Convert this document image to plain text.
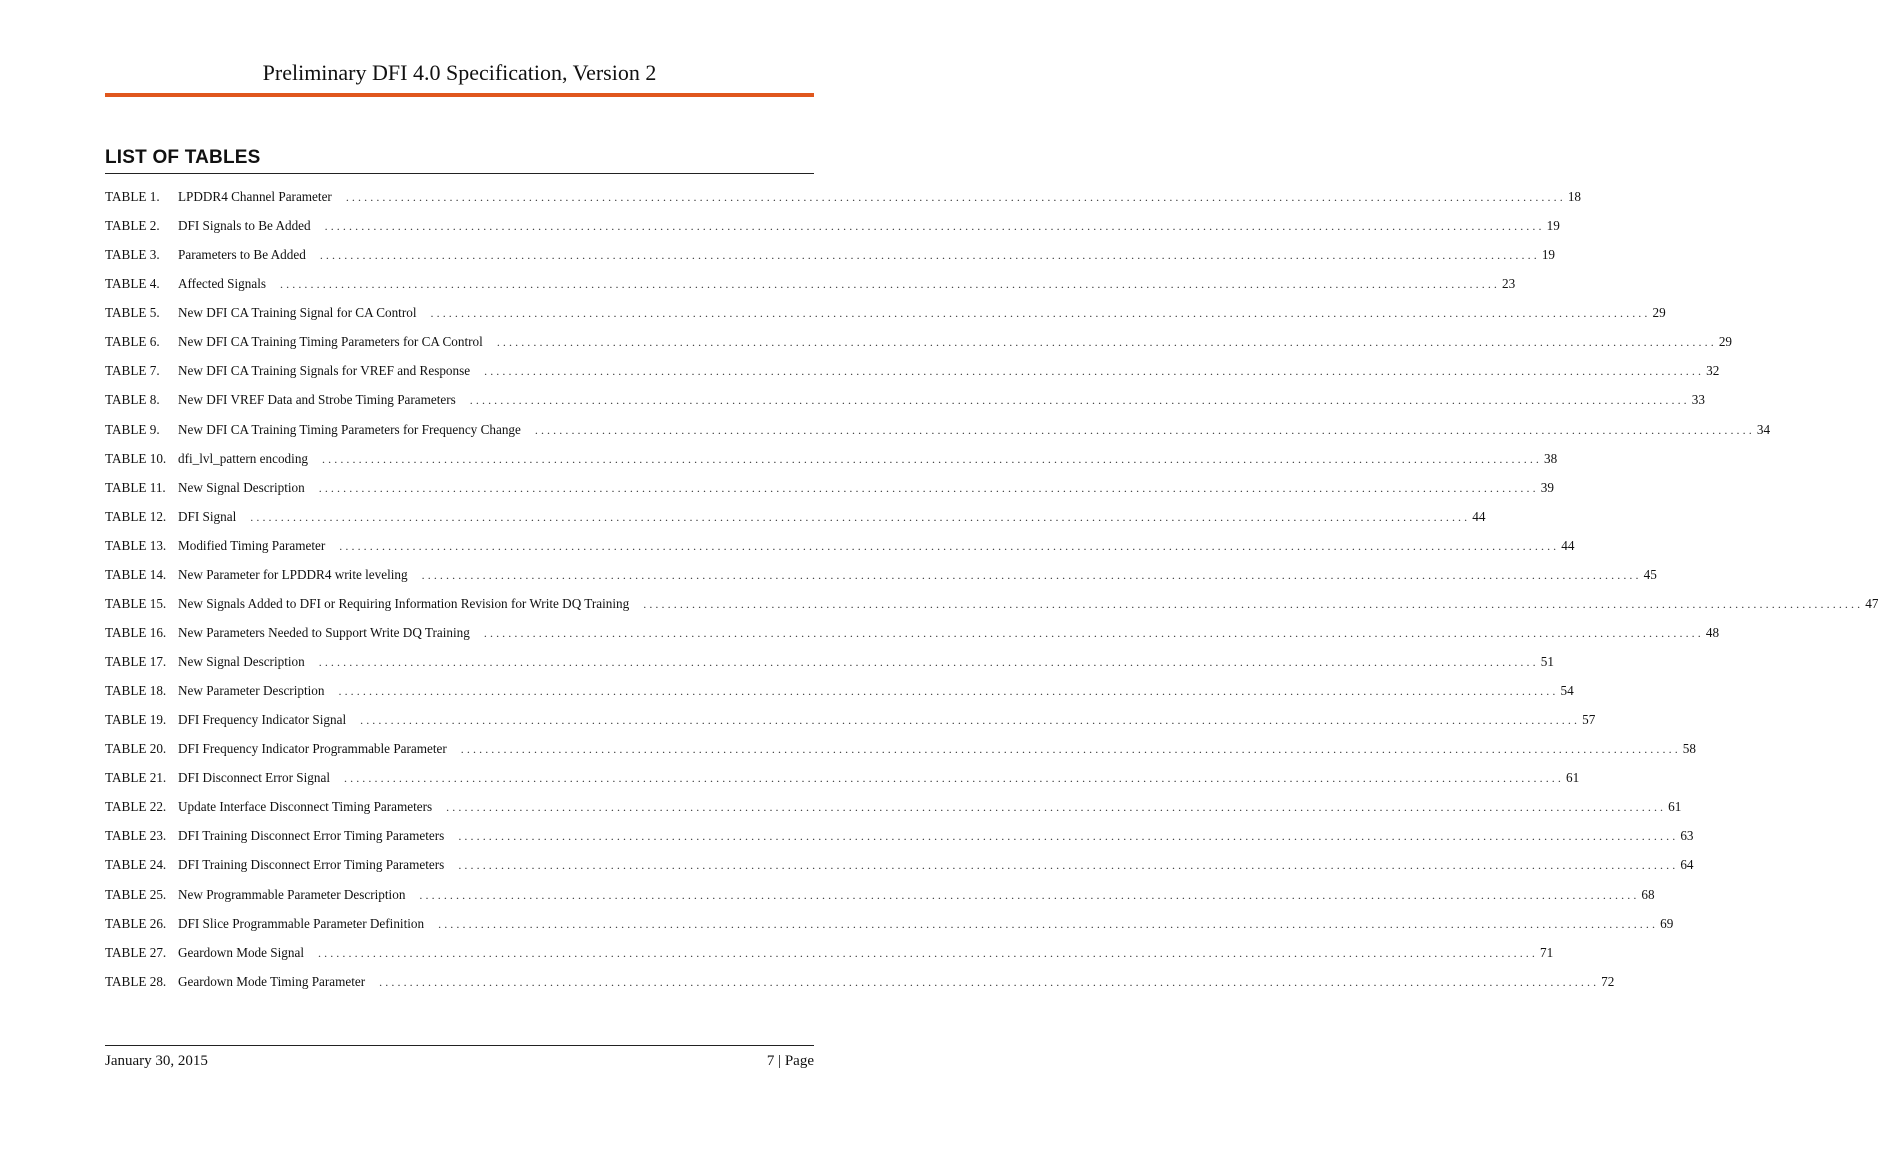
Preliminary DFI 4.0 Specification, Version 2
LIST OF TABLES
TABLE 1.	LPDDR4 Channel Parameter ........................................................................................................................................................................................................ 18
TABLE 2.	DFI Signals to Be Added ........................................................................................................................................................................................................ 19
TABLE 3.	Parameters to Be Added ........................................................................................................................................................................................................ 19
TABLE 4.	Affected Signals ........................................................................................................................................................................................................ 23
TABLE 5.	New DFI CA Training Signal for CA Control ........................................................................................................................................................................................................ 29
TABLE 6.	New DFI CA Training Timing Parameters for CA Control ........................................................................................................................................................................................................ 29
TABLE 7.	New DFI CA Training Signals for VREF and Response ........................................................................................................................................................................................................ 32
TABLE 8.	New DFI VREF Data and Strobe Timing Parameters ........................................................................................................................................................................................................ 33
TABLE 9.	New DFI CA Training Timing Parameters for Frequency Change ........................................................................................................................................................................................................ 34
TABLE 10. dfi_lvl_pattern encoding ........................................................................................................................................................................................................ 38
TABLE 11. New Signal Description ........................................................................................................................................................................................................ 39
TABLE 12. DFI Signal ........................................................................................................................................................................................................ 44
TABLE 13. Modified Timing Parameter ........................................................................................................................................................................................................ 44
TABLE 14. New Parameter for LPDDR4 write leveling ........................................................................................................................................................................................................ 45
TABLE 15. New Signals Added to DFI or Requiring Information Revision for Write DQ Training ........................................................................................................................................................................................................ 47
TABLE 16. New Parameters Needed to Support Write DQ Training ........................................................................................................................................................................................................ 48
TABLE 17. New Signal Description ........................................................................................................................................................................................................ 51
TABLE 18. New Parameter Description ........................................................................................................................................................................................................ 54
TABLE 19. DFI Frequency Indicator Signal ........................................................................................................................................................................................................ 57
TABLE 20. DFI Frequency Indicator Programmable Parameter ........................................................................................................................................................................................................ 58
TABLE 21. DFI Disconnect Error Signal ........................................................................................................................................................................................................ 61
TABLE 22. Update Interface Disconnect Timing Parameters ........................................................................................................................................................................................................ 61
TABLE 23. DFI Training Disconnect Error Timing Parameters ........................................................................................................................................................................................................ 63
TABLE 24. DFI Training Disconnect Error Timing Parameters ........................................................................................................................................................................................................ 64
TABLE 25. New Programmable Parameter Description ........................................................................................................................................................................................................ 68
TABLE 26. DFI Slice Programmable Parameter Definition ........................................................................................................................................................................................................ 69
TABLE 27. Geardown Mode Signal ........................................................................................................................................................................................................ 71
TABLE 28. Geardown Mode Timing Parameter ........................................................................................................................................................................................................ 72
January 30, 2015	7 | Page
